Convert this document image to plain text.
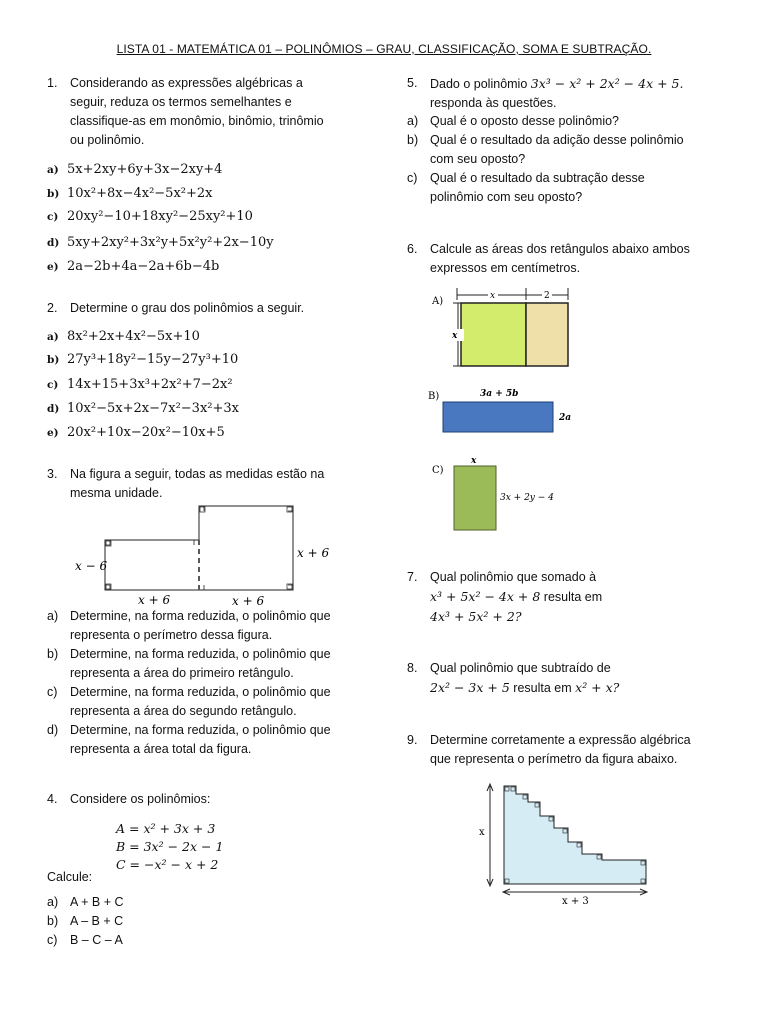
LISTA 01 - MATEMÁTICA 01 – POLINÔMIOS – GRAU, CLASSIFICAÇÃO, SOMA E SUBTRAÇÃO.
1. Considerando as expressões algébricas a
seguir, reduza os termos semelhantes e
classifique-as em monômio, binômio, trinômio
ou polinômio.
a) 5x+2xy+6y+3x−2xy+4
b) 10x²+8x−4x²−5x²+2x
c) 20xy²−10+18xy²−25xy²+10
d) 5xy+2xy²+3x²y+5x²y²+2x−10y
e) 2a−2b+4a−2a+6b−4b
2. Determine o grau dos polinômios a seguir.
a) 8x²+2x+4x²−5x+10
b) 27y³+18y²−15y−27y³+10
c) 14x+15+3x³+2x²+7−2x²
d) 10x²−5x+2x−7x²−3x²+3x
e) 20x²+10x−20x²−10x+5
3. Na figura a seguir, todas as medidas estão na
mesma unidade.
x − 6
x + 6
x + 6	x + 6
a) Determine, na forma reduzida, o polinômio que
representa o perímetro dessa figura.
b) Determine, na forma reduzida, o polinômio que
representa a área do primeiro retângulo.
c) Determine, na forma reduzida, o polinômio que
representa a área do segundo retângulo.
d) Determine, na forma reduzida, o polinômio que
representa a área total da figura.
4. Considere os polinômios:
A = x² + 3x + 3
B = 3x² − 2x − 1
C = −x² − x + 2
Calcule:
a) A + B + C
b) A – B + C
c) B – C – A
5. Dado o polinômio 3x³ − x² + 2x² − 4x + 5.
responda às questões.
a) Qual é o oposto desse polinômio?
b) Qual é o resultado da adição desse polinômio
com seu oposto?
c) Qual é o resultado da subtração desse
polinômio com seu oposto?
6. Calcule as áreas dos retângulos abaixo ambos
expressos em centímetros.
A)	x	2
x
B)	3a + 5b
2a
C)
x
3x + 2y − 4
7. Qual polinômio que somado à
x³ + 5x² − 4x + 8 resulta em
4x³ + 5x² + 2?
8. Qual polinômio que subtraído de
2x² − 3x + 5 resulta em x² + x?
9. Determine corretamente a expressão algébrica
que representa o perímetro da figura abaixo.
x
x + 3
